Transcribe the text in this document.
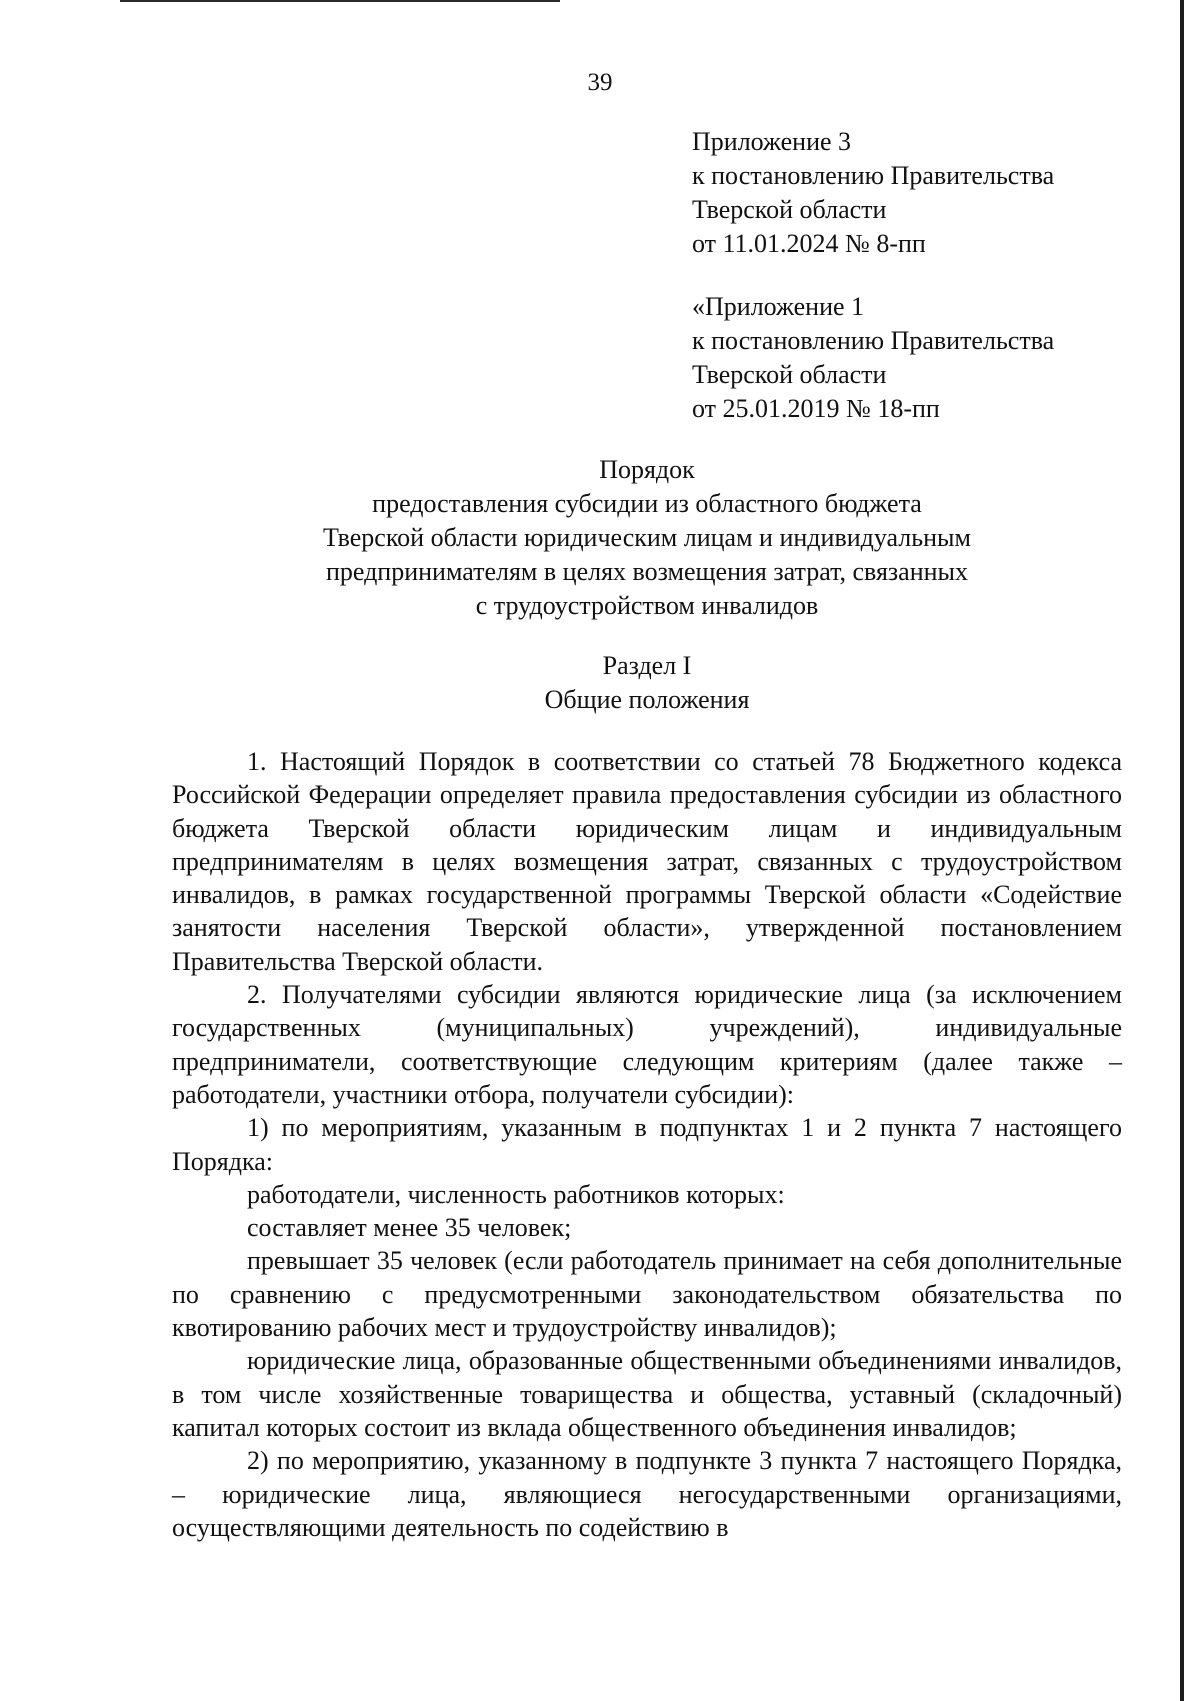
39
Приложение 3
к постановлению Правительства
Тверской области
от 11.01.2024 № 8-пп
«Приложение 1
к постановлению Правительства
Тверской области
от 25.01.2019 № 18-пп
Порядок
предоставления субсидии из областного бюджета
Тверской области юридическим лицам и индивидуальным
предпринимателям в целях возмещения затрат, связанных
с трудоустройством инвалидов
Раздел I
Общие положения

1. Настоящий Порядок в соответствии со статьей 78 Бюджетного кодекса Российской Федерации определяет правила предоставления субсидии из областного бюджета Тверской области юридическим лицам и индивидуальным предпринимателям в целях возмещения затрат, связанных с трудоустройством инвалидов, в рамках государственной программы Тверской области «Содействие занятости населения Тверской области», утвержденной постановлением Правительства Тверской области.

2. Получателями субсидии являются юридические лица (за исключением государственных (муниципальных) учреждений), индивидуальные предприниматели, соответствующие следующим критериям (далее также – работодатели, участники отбора, получатели субсидии):

1) по мероприятиям, указанным в подпунктах 1 и 2 пункта 7 настоящего Порядка:

работодатели, численность работников которых:

составляет менее 35 человек;

превышает 35 человек (если работодатель принимает на себя дополнительные по сравнению с предусмотренными законодательством обязательства по квотированию рабочих мест и трудоустройству инвалидов);

юридические лица, образованные общественными объединениями инвалидов, в том числе хозяйственные товарищества и общества, уставный (складочный) капитал которых состоит из вклада общественного объединения инвалидов;

2) по мероприятию, указанному в подпункте 3 пункта 7 настоящего Порядка, – юридические лица, являющиеся негосударственными организациями, осуществляющими деятельность по содействию в
